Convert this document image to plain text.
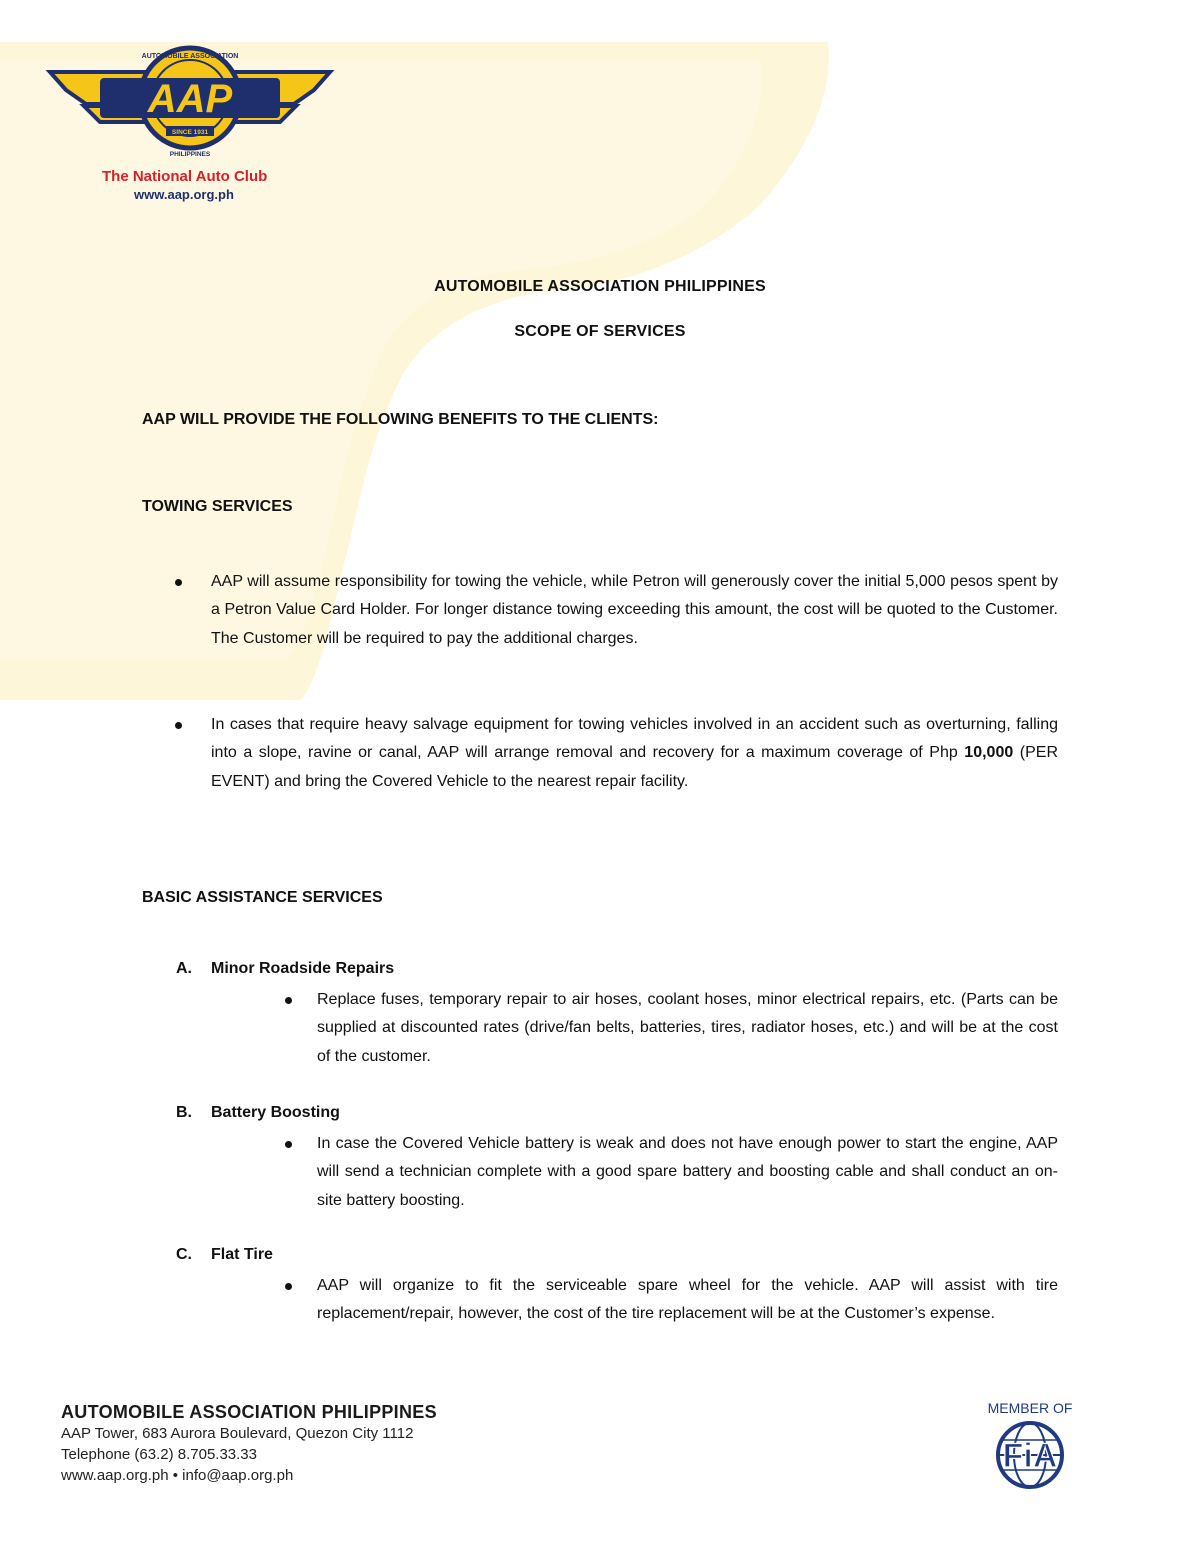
AAP
AUTOMOBILE ASSOCIATION
SINCE 1931
PHILIPPINES
The National Auto Club
www.aap.org.ph
AUTOMOBILE ASSOCIATION PHILIPPINES
SCOPE OF SERVICES
AAP WILL PROVIDE THE FOLLOWING BENEFITS TO THE CLIENTS:
TOWING SERVICES
AAP will assume responsibility for towing the vehicle, while Petron will generously cover the initial 5,000 pesos spent by a Petron Value Card Holder. For longer distance towing exceeding this amount, the cost will be quoted to the Customer. The Customer will be required to pay the additional charges.
In cases that require heavy salvage equipment for towing vehicles involved in an accident such as overturning, falling into a slope, ravine or canal, AAP will arrange removal and recovery for a maximum coverage of Php 10,000 (PER EVENT) and bring the Covered Vehicle to the nearest repair facility.
BASIC ASSISTANCE SERVICES
A. Minor Roadside Repairs
Replace fuses, temporary repair to air hoses, coolant hoses, minor electrical repairs, etc. (Parts can be supplied at discounted rates (drive/fan belts, batteries, tires, radiator hoses, etc.) and will be at the cost of the customer.
B. Battery Boosting
In case the Covered Vehicle battery is weak and does not have enough power to start the engine, AAP will send a technician complete with a good spare battery and boosting cable and shall conduct an on-site battery boosting.
C. Flat Tire
AAP will organize to fit the serviceable spare wheel for the vehicle. AAP will assist with tire replacement/repair, however, the cost of the tire replacement will be at the Customer’s expense.
AUTOMOBILE ASSOCIATION PHILIPPINES
AAP Tower, 683 Aurora Boulevard, Quezon City 1112
Telephone (63.2) 8.705.33.33
www.aap.org.ph • info@aap.org.ph
MEMBER OF
FiA
